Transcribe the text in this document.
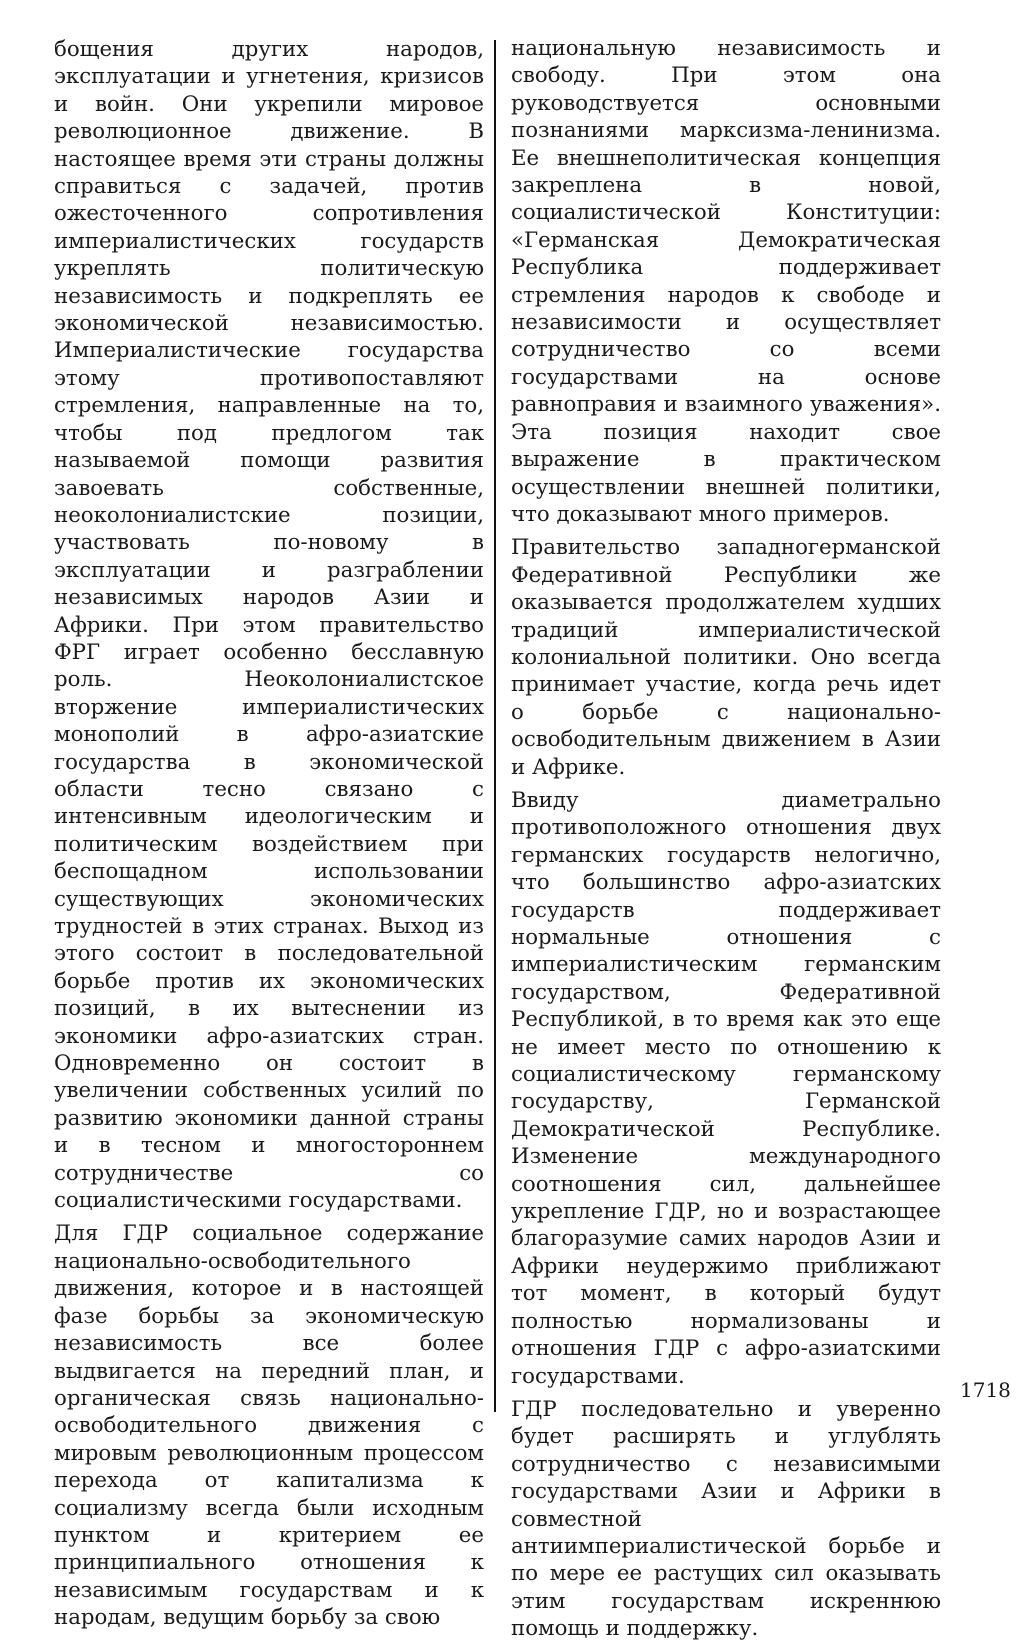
бощения других народов, эксплуатации и угнетения, кризисов и войн. Они укрепили мировое революционное движение. В настоящее время эти страны должны справиться с задачей, против ожесточенного сопротивления империалистических государств укреплять политическую независимость и подкреплять ее экономической независимостью. Империалистические государства этому противопоставляют стремления, направленные на то, чтобы под предлогом так называемой помощи развития завоевать собственные, неоколониалистские позиции, участвовать по-новому в эксплуатации и разграблении независимых народов Азии и Африки. При этом правительство ФРГ играет особенно бесславную роль. Неоколониалистское вторжение империалистических монополий в афро-азиатские государства в экономической области тесно связано с интенсивным идеологическим и политическим воздействием при беспощадном использовании существующих экономических трудностей в этих странах. Выход из этого состоит в последовательной борьбе против их экономических позиций, в их вытеснении из экономики афро-азиатских стран. Одновременно он состоит в увеличении собственных усилий по развитию экономики данной страны и в тесном и многостороннем сотрудничестве со социалистическими государствами.

Для ГДР социальное содержание национально-освободительного движения, которое и в настоящей фазе борьбы за экономическую независимость все более выдвигается на передний план, и органическая связь национально-освободительного движения с мировым революционным процессом перехода от капитализма к социализму всегда были исходным пунктом и критерием ее принципиального отношения к независимым государствам и к народам, ведущим борьбу за свою

национальную независимость и свободу. При этом она руководствуется основными познаниями марксизма-ленинизма. Ее внешнеполитическая концепция закреплена в новой, социалистической Конституции: «Германская Демократическая Республика поддерживает стремления народов к свободе и независимости и осуществляет сотрудничество со всеми государствами на основе равноправия и взаимного уважения». Эта позиция находит свое выражение в практическом осуществлении внешней политики, что доказывают много примеров.

Правительство западногерманской Федеративной Республики же оказывается продолжателем худших традиций империалистической колониальной политики. Оно всегда принимает участие, когда речь идет о борьбе с национально-освободительным движением в Азии и Африке.

Ввиду диаметрально противоположного отношения двух германских государств нелогично, что большинство афро-азиатских государств поддерживает нормальные отношения с империалистическим германским государством, Федеративной Республикой, в то время как это еще не имеет место по отношению к социалистическому германскому государству, Германской Демократической Республике. Изменение международного соотношения сил, дальнейшее укрепление ГДР, но и возрастающее благоразумие самих народов Азии и Африки неудержимо приближают тот момент, в который будут полностью нормализованы и отношения ГДР с афро-азиатскими государствами.

ГДР последовательно и уверенно будет расширять и углублять сотрудничество с независимыми государствами Азии и Африки в совместной антиимпериалистической борьбе и по мере ее растущих сил оказывать этим государствам искреннюю помощь и поддержку.

1718
